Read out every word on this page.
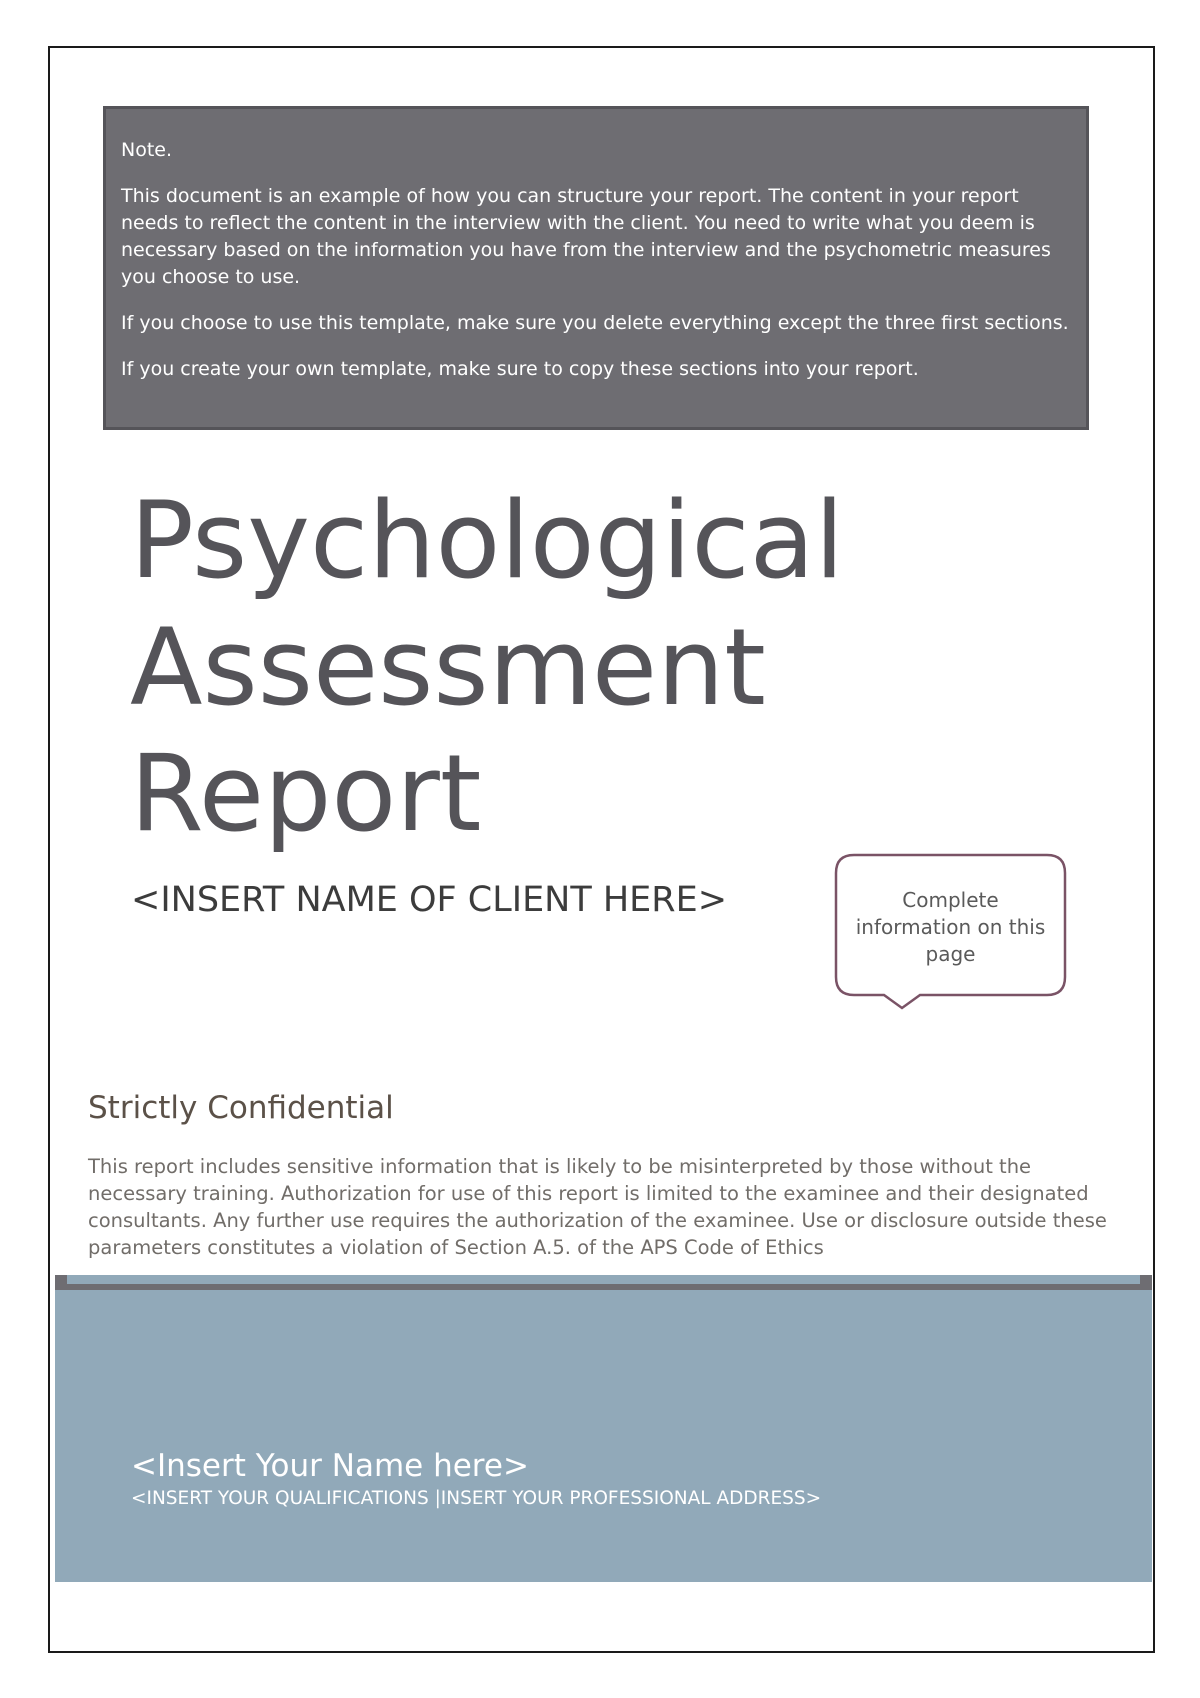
Note.

This document is an example of how you can structure your report. The content in your report needs to reflect the content in the interview with the client. You need to write what you deem is necessary based on the information you have from the interview and the psychometric measures you choose to use.

If you choose to use this template, make sure you delete everything except the three first sections.

If you create your own template, make sure to copy these sections into your report.

Psychological
Assessment
Report
<INSERT NAME OF CLIENT HERE>	Complete information on this page
Strictly Confidential
This report includes sensitive information that is likely to be misinterpreted by those without the necessary training. Authorization for use of this report is limited to the examinee and their designated consultants. Any further use requires the authorization of the examinee. Use or disclosure outside these parameters constitutes a violation of Section A.5. of the APS Code of Ethics
<Insert Your Name here>
<INSERT YOUR QUALIFICATIONS |INSERT YOUR PROFESSIONAL ADDRESS>
